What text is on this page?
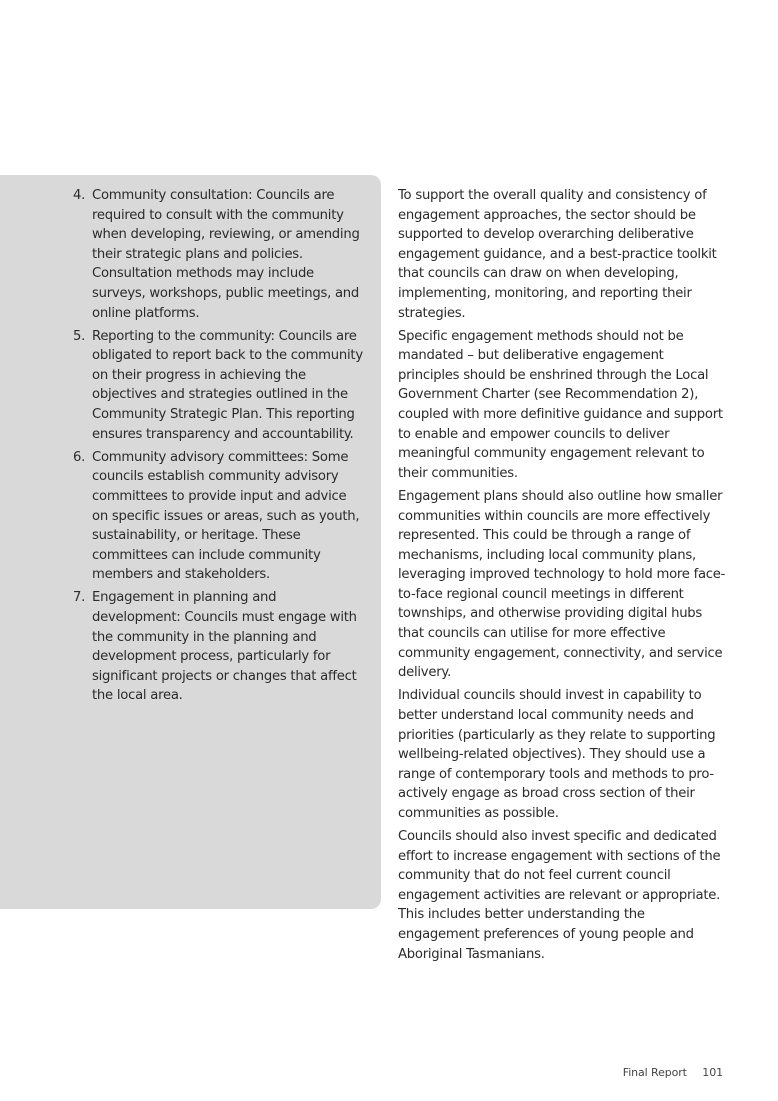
4. Community consultation: Councils are required to consult with the community when developing, reviewing, or amending their strategic plans and policies. Consultation methods may include surveys, workshops, public meetings, and online platforms.
5. Reporting to the community: Councils are obligated to report back to the community on their progress in achieving the objectives and strategies outlined in the Community Strategic Plan. This reporting ensures transparency and accountability.
6. Community advisory committees: Some councils establish community advisory committees to provide input and advice on specific issues or areas, such as youth, sustainability, or heritage. These committees can include community members and stakeholders.
7. Engagement in planning and development: Councils must engage with the community in the planning and development process, particularly for significant projects or changes that affect the local area.

To support the overall quality and consistency of engagement approaches, the sector should be supported to develop overarching deliberative engagement guidance, and a best-practice toolkit that councils can draw on when developing, implementing, monitoring, and reporting their strategies.

Specific engagement methods should not be mandated – but deliberative engagement principles should be enshrined through the Local Government Charter (see Recommendation 2), coupled with more definitive guidance and support to enable and empower councils to deliver meaningful community engagement relevant to their communities.

Engagement plans should also outline how smaller communities within councils are more effectively represented. This could be through a range of mechanisms, including local community plans, leveraging improved technology to hold more face-to-face regional council meetings in different townships, and otherwise providing digital hubs that councils can utilise for more effective community engagement, connectivity, and service delivery.

Individual councils should invest in capability to better understand local community needs and priorities (particularly as they relate to supporting wellbeing-related objectives). They should use a range of contemporary tools and methods to pro-actively engage as broad cross section of their communities as possible.

Councils should also invest specific and dedicated effort to increase engagement with sections of the community that do not feel current council engagement activities are relevant or appropriate. This includes better understanding the engagement preferences of young people and Aboriginal Tasmanians.

Final Report 101
